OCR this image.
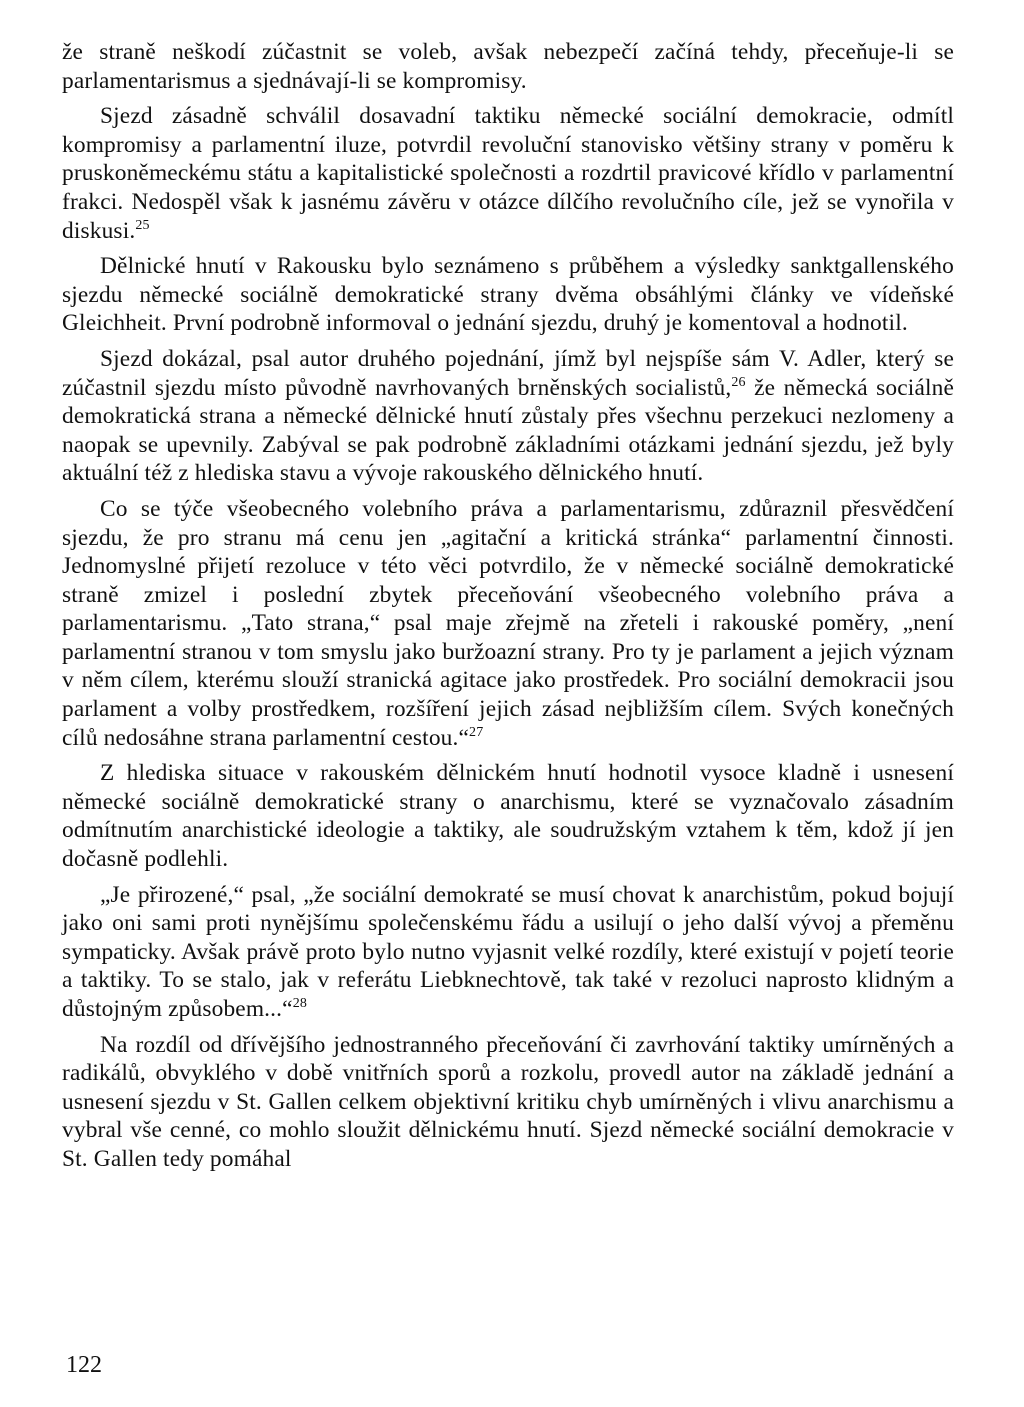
že straně neškodí zúčastnit se voleb, avšak nebezpečí začíná tehdy, přeceňuje-li se parlamentarismus a sjednávají-li se kompromisy.

Sjezd zásadně schválil dosavadní taktiku německé sociální demokracie, odmítl kompromisy a parlamentní iluze, potvrdil revoluční stanovisko většiny strany v poměru k pruskoněmeckému státu a kapitalistické společnosti a rozdrtil pravicové křídlo v parlamentní frakci. Nedospěl však k jasnému závěru v otázce dílčího revolučního cíle, jež se vynořila v diskusi.$^{25}$

Dělnické hnutí v Rakousku bylo seznámeno s průběhem a výsledky sanktgallenského sjezdu německé sociálně demokratické strany dvěma obsáhlými články ve vídeňské Gleichheit. První podrobně informoval o jednání sjezdu, druhý je komentoval a hodnotil.

Sjezd dokázal, psal autor druhého pojednání, jímž byl nejspíše sám V. Adler, který se zúčastnil sjezdu místo původně navrhovaných brněnských socialistů,$^{26}$ že německá sociálně demokratická strana a německé dělnické hnutí zůstaly přes všechnu perzekuci nezlomeny a naopak se upevnily. Zabýval se pak podrobně základními otázkami jednání sjezdu, jež byly aktuální též z hlediska stavu a vývoje rakouského dělnického hnutí.

Co se týče všeobecného volebního práva a parlamentarismu, zdůraznil přesvědčení sjezdu, že pro stranu má cenu jen „agitační a kritická stránka“ parlamentní činnosti. Jednomyslné přijetí rezoluce v této věci potvrdilo, že v německé sociálně demokratické straně zmizel i poslední zbytek přeceňování všeobecného volebního práva a parlamentarismu. „Tato strana,“ psal maje zřejmě na zřeteli i rakouské poměry, „není parlamentní stranou v tom smyslu jako buržoazní strany. Pro ty je parlament a jejich význam v něm cílem, kterému slouží stranická agitace jako prostředek. Pro sociální demokracii jsou parlament a volby prostředkem, rozšíření jejich zásad nejbližším cílem. Svých konečných cílů nedosáhne strana parlamentní cestou.“$^{27}$

Z hlediska situace v rakouském dělnickém hnutí hodnotil vysoce kladně i usnesení německé sociálně demokratické strany o anarchismu, které se vyznačovalo zásadním odmítnutím anarchistické ideologie a taktiky, ale soudružským vztahem k těm, kdož jí jen dočasně podlehli.

„Je přirozené,“ psal, „že sociální demokraté se musí chovat k anarchistům, pokud bojují jako oni sami proti nynějšímu společenskému řádu a usilují o jeho další vývoj a přeměnu sympaticky. Avšak právě proto bylo nutno vyjasnit velké rozdíly, které existují v pojetí teorie a taktiky. To se stalo, jak v referátu Liebknechtově, tak také v rezoluci naprosto klidným a důstojným způsobem...“$^{28}$

Na rozdíl od dřívějšího jednostranného přeceňování či zavrhování taktiky umírněných a radikálů, obvyklého v době vnitřních sporů a rozkolu, provedl autor na základě jednání a usnesení sjezdu v St. Gallen celkem objektivní kritiku chyb umírněných i vlivu anarchismu a vybral vše cenné, co mohlo sloužit dělnickému hnutí. Sjezd německé sociální demokracie v St. Gallen tedy pomáhal

122
